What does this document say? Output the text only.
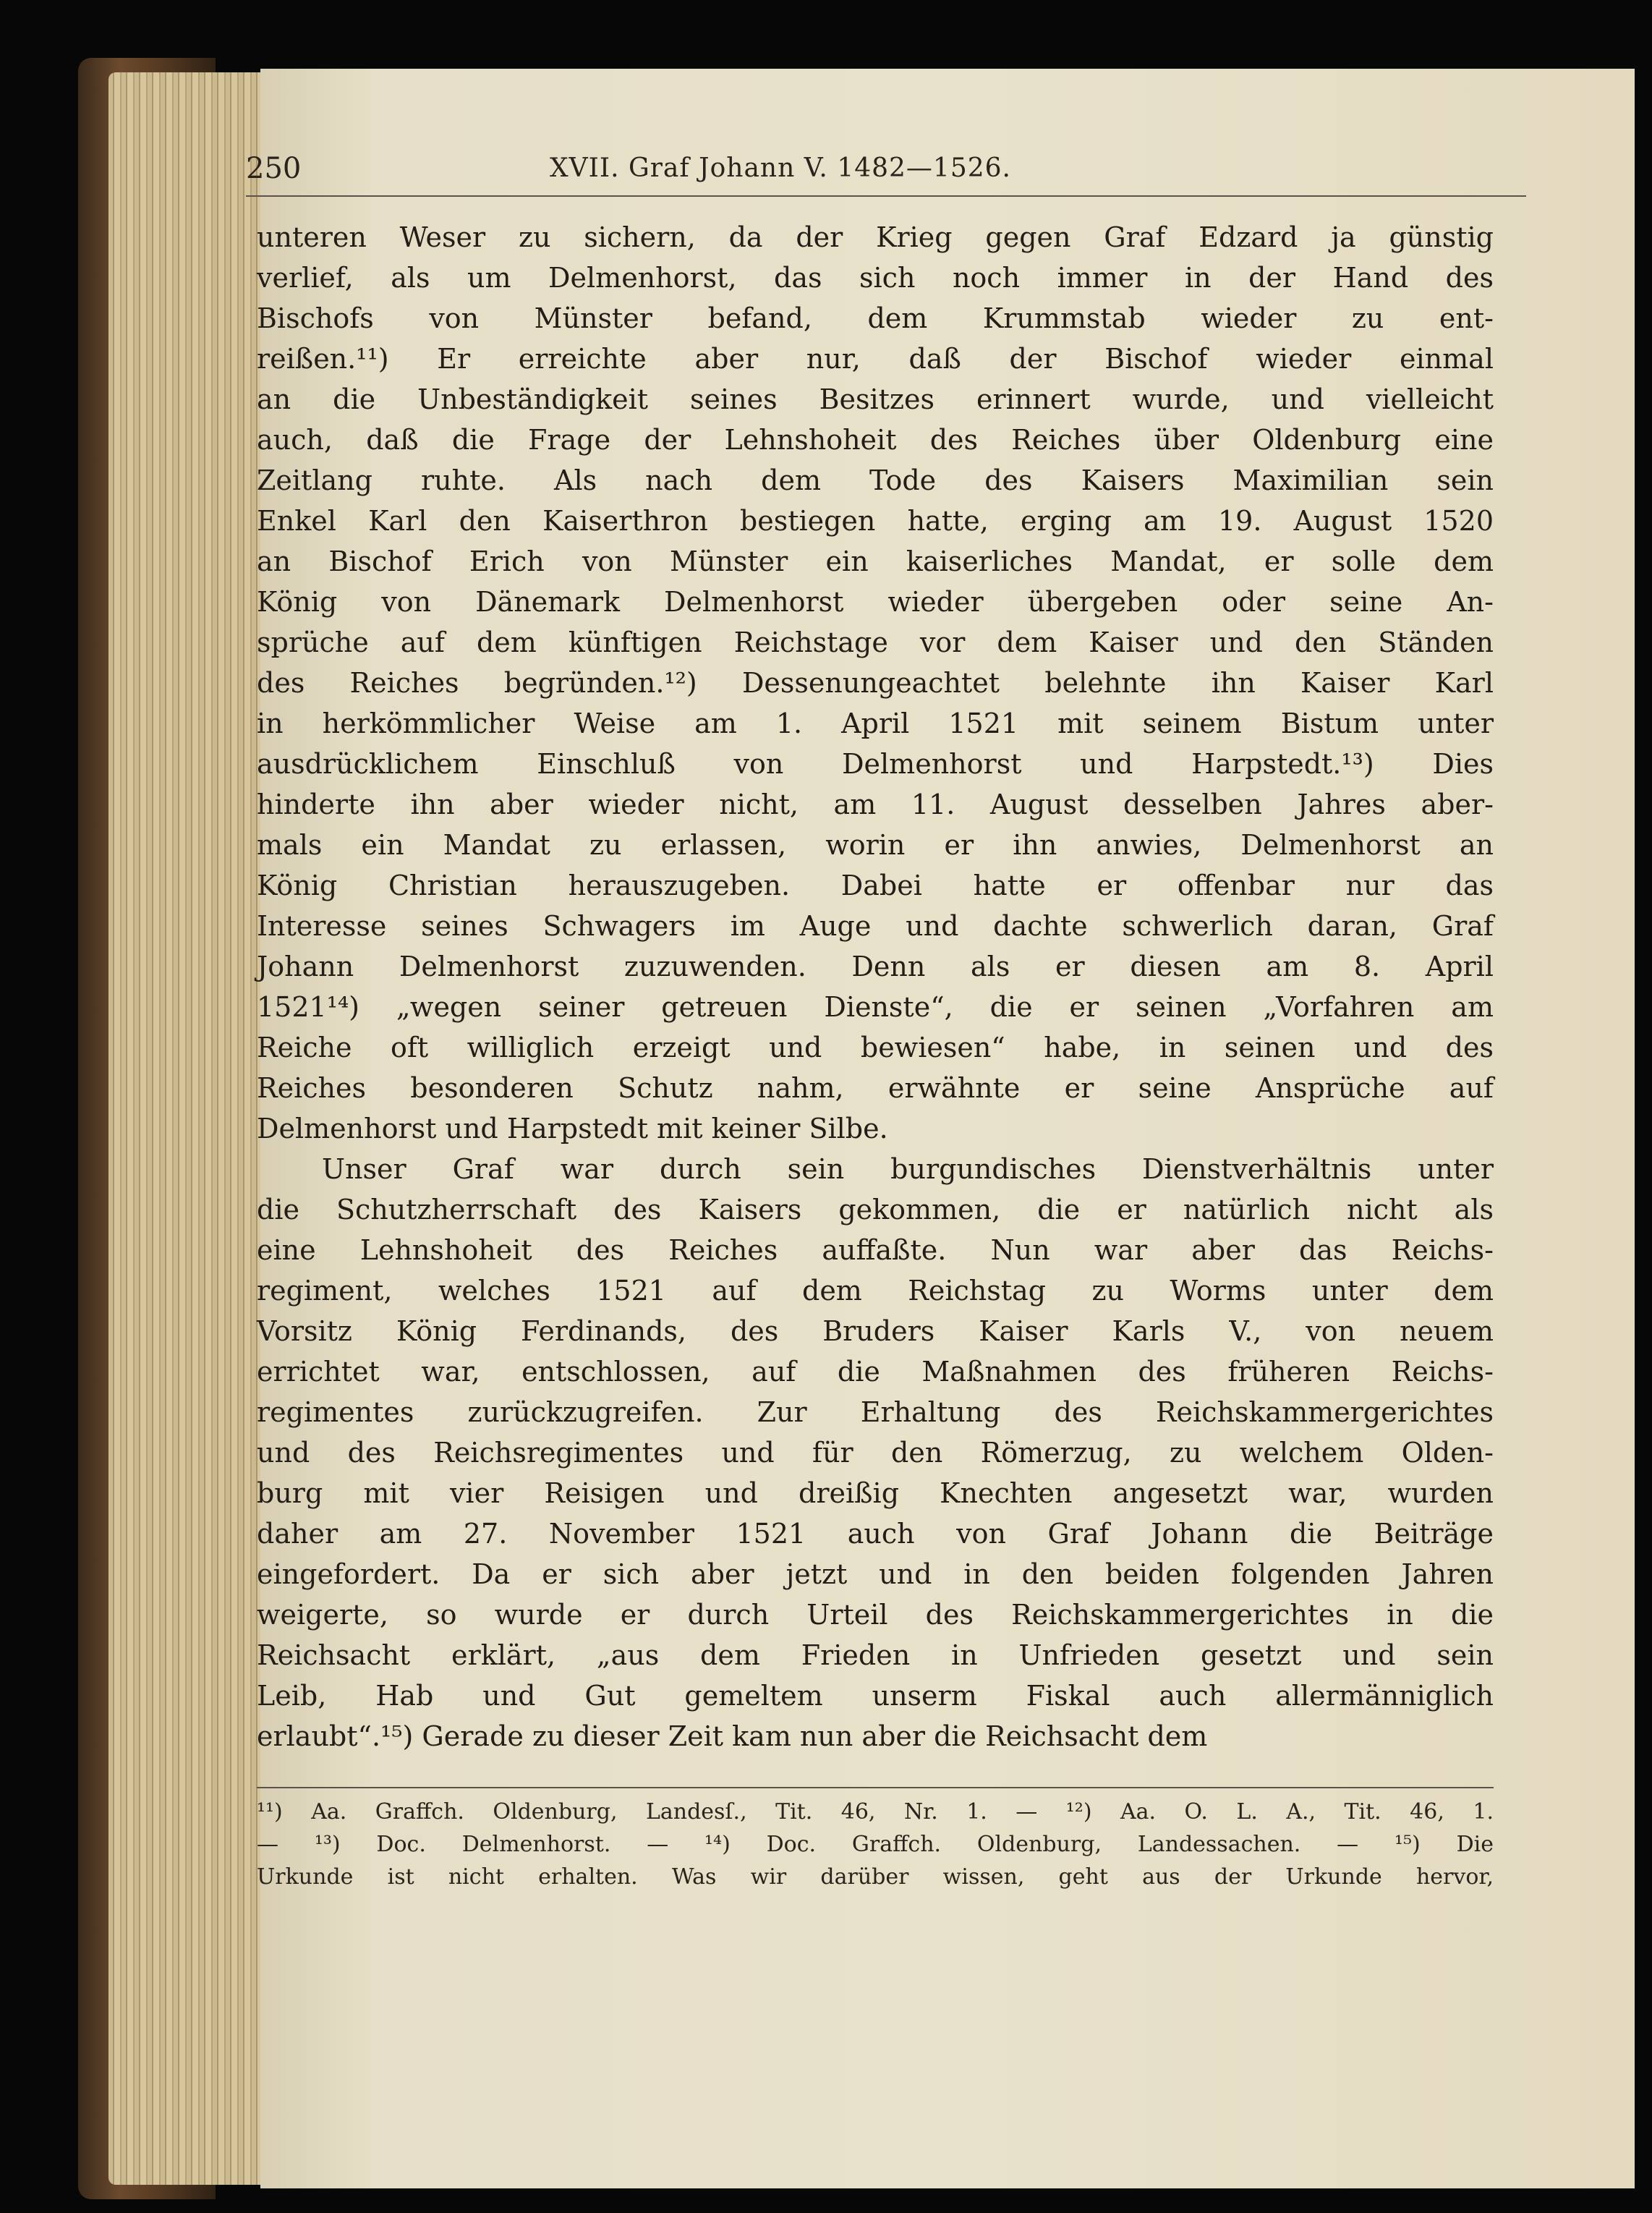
250	XVII. Graf Johann V. 1482—1526.
unteren Weser zu sichern, da der Krieg gegen Graf Edzard ja günstig
verlief, als um Delmenhorst, das sich noch immer in der Hand des
Bischofs von Münster befand, dem Krummstab wieder zu ent-
reißen.¹¹) Er erreichte aber nur, daß der Bischof wieder einmal
an die Unbeständigkeit seines Besitzes erinnert wurde, und vielleicht
auch, daß die Frage der Lehnshoheit des Reiches über Oldenburg eine
Zeitlang ruhte. Als nach dem Tode des Kaisers Maximilian sein
Enkel Karl den Kaiserthron bestiegen hatte, erging am 19. August 1520
an Bischof Erich von Münster ein kaiserliches Mandat, er solle dem
König von Dänemark Delmenhorst wieder übergeben oder seine An-
sprüche auf dem künftigen Reichstage vor dem Kaiser und den Ständen
des Reiches begründen.¹²) Dessenungeachtet belehnte ihn Kaiser Karl
in herkömmlicher Weise am 1. April 1521 mit seinem Bistum unter
ausdrücklichem Einschluß von Delmenhorst und Harpstedt.¹³) Dies
hinderte ihn aber wieder nicht, am 11. August desselben Jahres aber-
mals ein Mandat zu erlassen, worin er ihn anwies, Delmenhorst an
König Christian herauszugeben. Dabei hatte er offenbar nur das
Interesse seines Schwagers im Auge und dachte schwerlich daran, Graf
Johann Delmenhorst zuzuwenden. Denn als er diesen am 8. April
1521¹⁴) „wegen seiner getreuen Dienste“, die er seinen „Vorfahren am
Reiche oft williglich erzeigt und bewiesen“ habe, in seinen und des
Reiches besonderen Schutz nahm, erwähnte er seine Ansprüche auf
Delmenhorst und Harpstedt mit keiner Silbe.
Unser Graf war durch sein burgundisches Dienstverhältnis unter
die Schutzherrschaft des Kaisers gekommen, die er natürlich nicht als
eine Lehnshoheit des Reiches auffaßte. Nun war aber das Reichs-
regiment, welches 1521 auf dem Reichstag zu Worms unter dem
Vorsitz König Ferdinands, des Bruders Kaiser Karls V., von neuem
errichtet war, entschlossen, auf die Maßnahmen des früheren Reichs-
regimentes zurückzugreifen. Zur Erhaltung des Reichskammergerichtes
und des Reichsregimentes und für den Römerzug, zu welchem Olden-
burg mit vier Reisigen und dreißig Knechten angesetzt war, wurden
daher am 27. November 1521 auch von Graf Johann die Beiträge
eingefordert. Da er sich aber jetzt und in den beiden folgenden Jahren
weigerte, so wurde er durch Urteil des Reichskammergerichtes in die
Reichsacht erklärt, „aus dem Frieden in Unfrieden gesetzt und sein
Leib, Hab und Gut gemeltem unserm Fiskal auch allermänniglich
erlaubt“.¹⁵) Gerade zu dieser Zeit kam nun aber die Reichsacht dem
¹¹) Aa. Graffch. Oldenburg, Landesſ., Tit. 46, Nr. 1. — ¹²) Aa. O. L. A., Tit. 46, 1.
— ¹³) Doc. Delmenhorst. — ¹⁴) Doc. Graffch. Oldenburg, Landessachen. — ¹⁵) Die
Urkunde ist nicht erhalten. Was wir darüber wissen, geht aus der Urkunde hervor,
